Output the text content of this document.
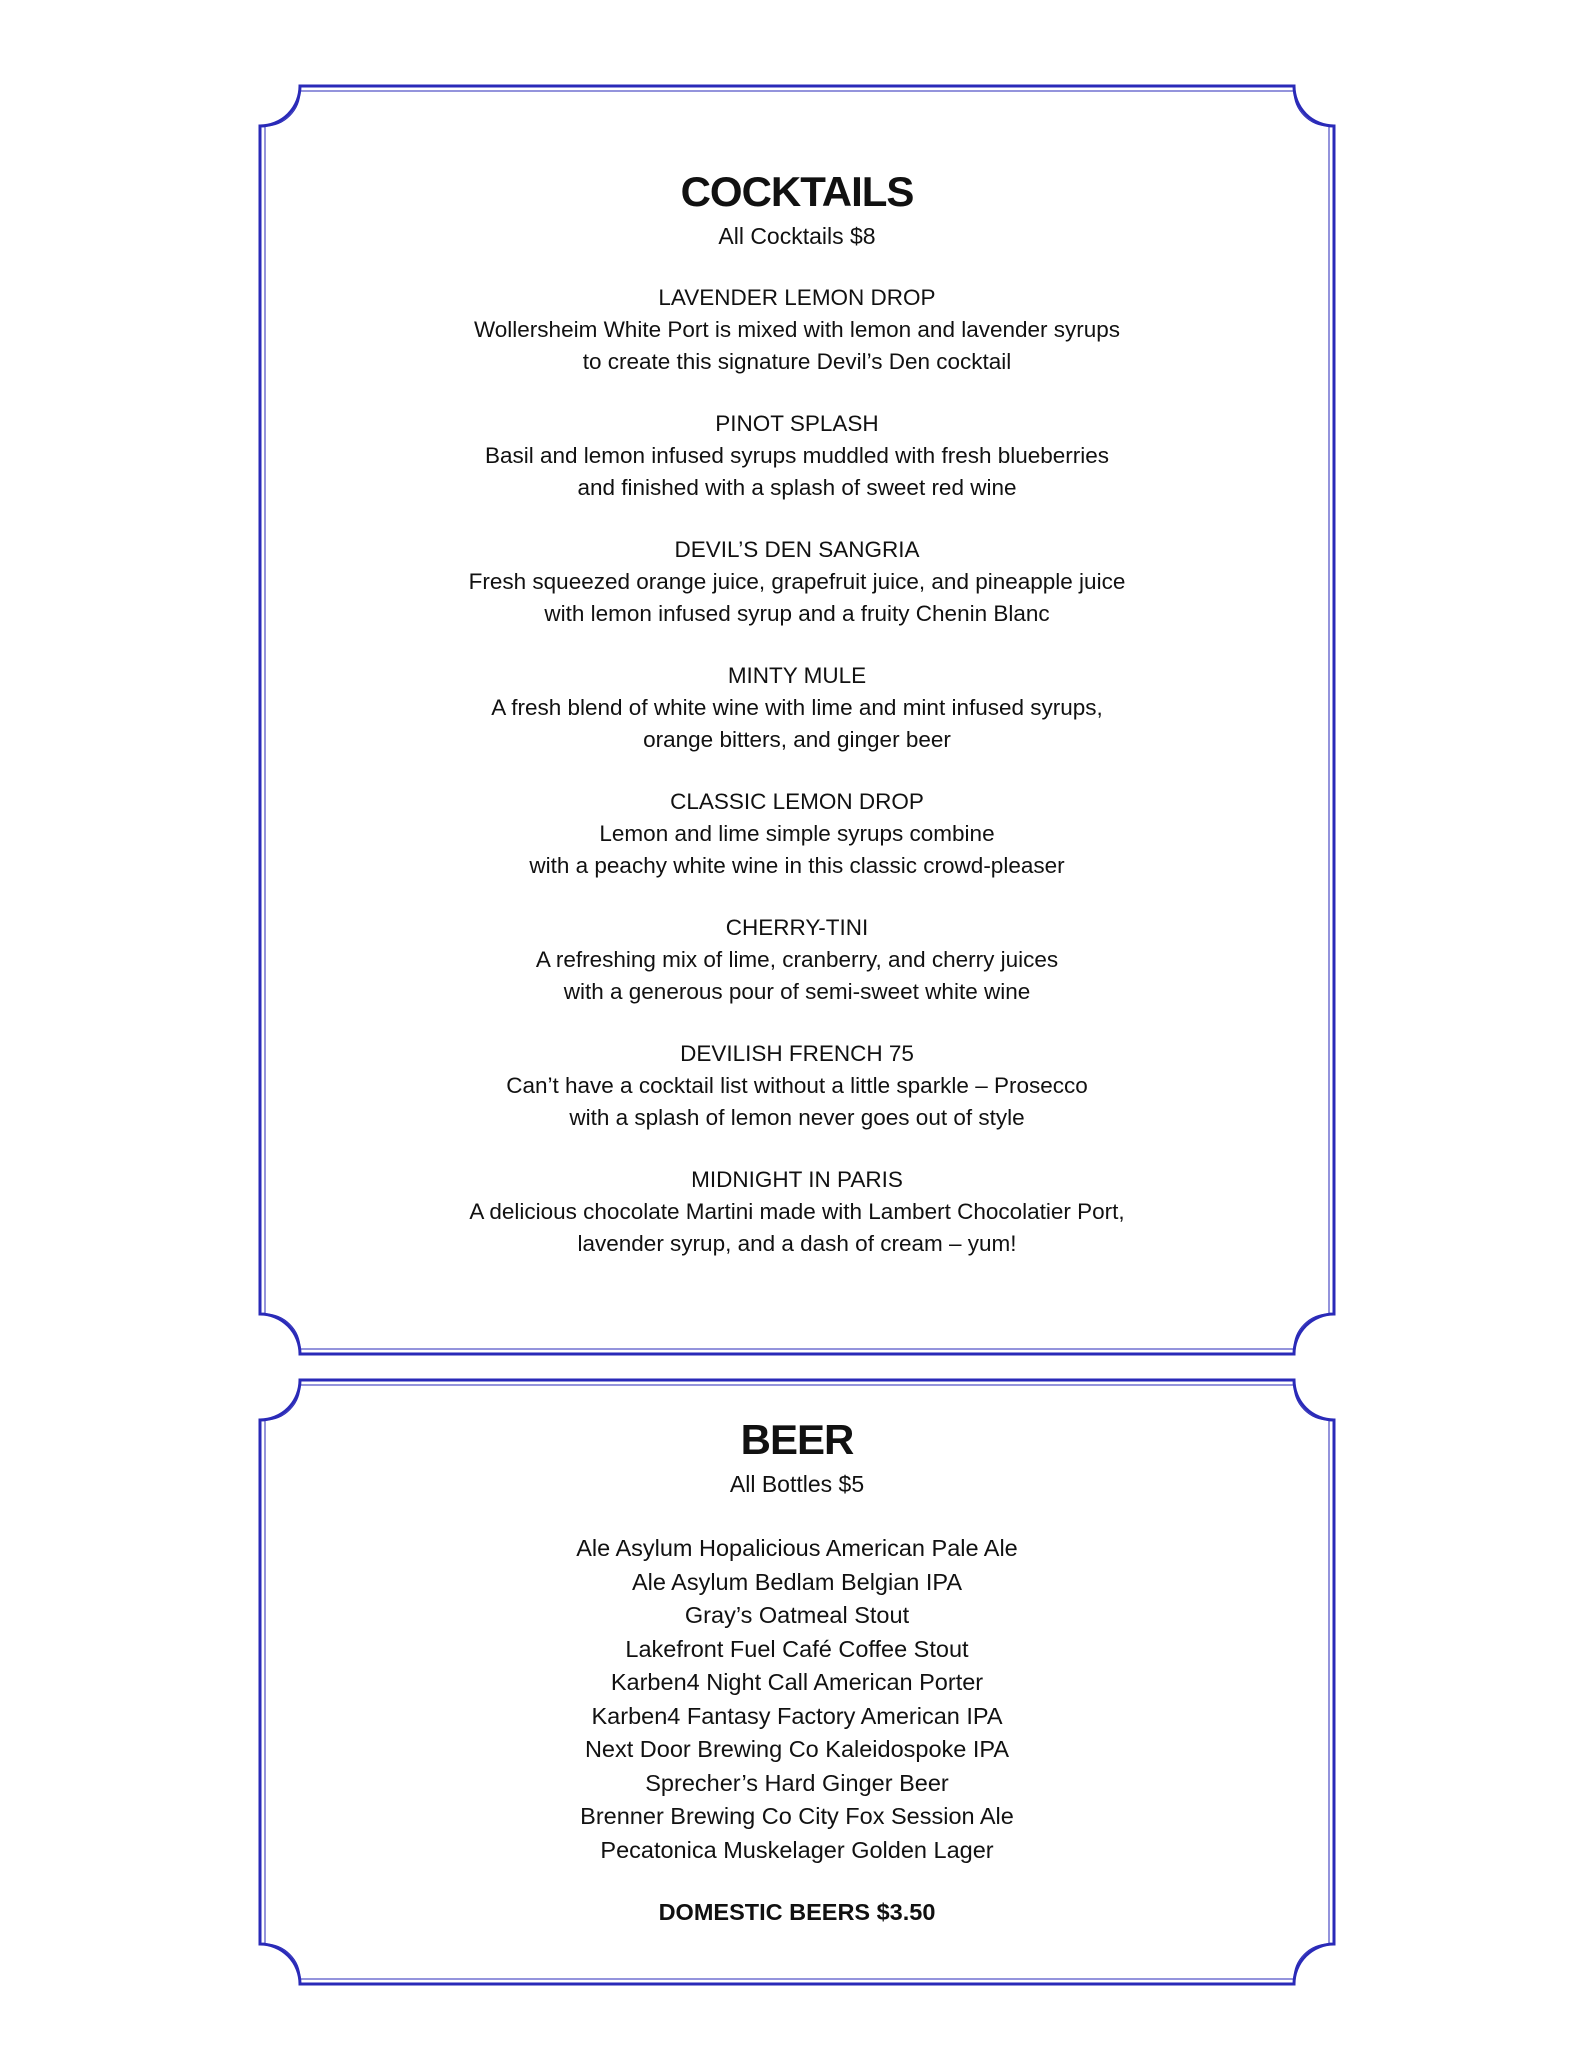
COCKTAILS
All Cocktails $8
LAVENDER LEMON DROP
Wollersheim White Port is mixed with lemon and lavender syrups
to create this signature Devil’s Den cocktail
PINOT SPLASH
Basil and lemon infused syrups muddled with fresh blueberries
and finished with a splash of sweet red wine
DEVIL’S DEN SANGRIA
Fresh squeezed orange juice, grapefruit juice, and pineapple juice
with lemon infused syrup and a fruity Chenin Blanc
MINTY MULE
A fresh blend of white wine with lime and mint infused syrups,
orange bitters, and ginger beer
CLASSIC LEMON DROP
Lemon and lime simple syrups combine
with a peachy white wine in this classic crowd-pleaser
CHERRY-TINI
A refreshing mix of lime, cranberry, and cherry juices
with a generous pour of semi-sweet white wine
DEVILISH FRENCH 75
Can’t have a cocktail list without a little sparkle – Prosecco
with a splash of lemon never goes out of style
MIDNIGHT IN PARIS
A delicious chocolate Martini made with Lambert Chocolatier Port,
lavender syrup, and a dash of cream – yum!
BEER
All Bottles $5
Ale Asylum Hopalicious American Pale Ale
Ale Asylum Bedlam Belgian IPA
Gray’s Oatmeal Stout
Lakefront Fuel Café Coffee Stout
Karben4 Night Call American Porter
Karben4 Fantasy Factory American IPA
Next Door Brewing Co Kaleidospoke IPA
Sprecher’s Hard Ginger Beer
Brenner Brewing Co City Fox Session Ale
Pecatonica Muskelager Golden Lager
DOMESTIC BEERS $3.50
